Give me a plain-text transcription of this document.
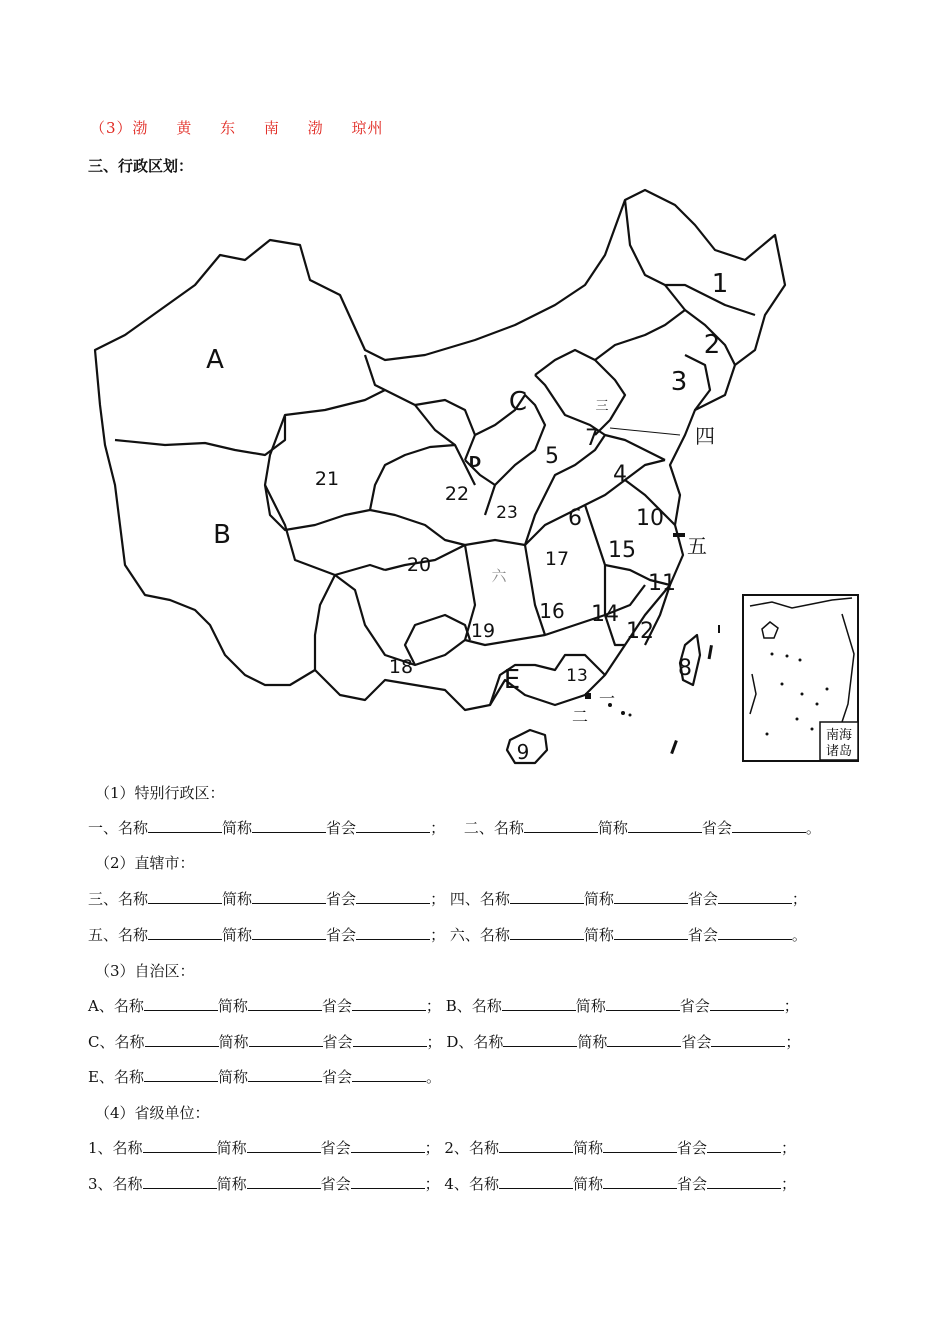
（3）渤 黄 东 南 渤 琼州
三、行政区划：
A
B
C
D
E
1
2
3
4
5
6
7
8
9
10
11
12
13
14
15
16
17
18
19
20
21
22
23
一
二
三
四
五
六
南海
诸岛
（1）特别行政区：
一、名称	简称	省会	； 二、名称	简称	省会	。
（2）直辖市：
三、名称	简称	省会	； 四、名称	简称	省会	；
五、名称	简称	省会	； 六、名称	简称	省会	。
（3）自治区：
A、名称	简称	省会	； B、名称	简称	省会	；
C、名称	简称	省会	； D、名称	简称	省会	；
E、名称	简称	省会	。
（4）省级单位：
1、名称	简称	省会	； 2、名称	简称	省会	；
3、名称	简称	省会	； 4、名称	简称	省会	；
